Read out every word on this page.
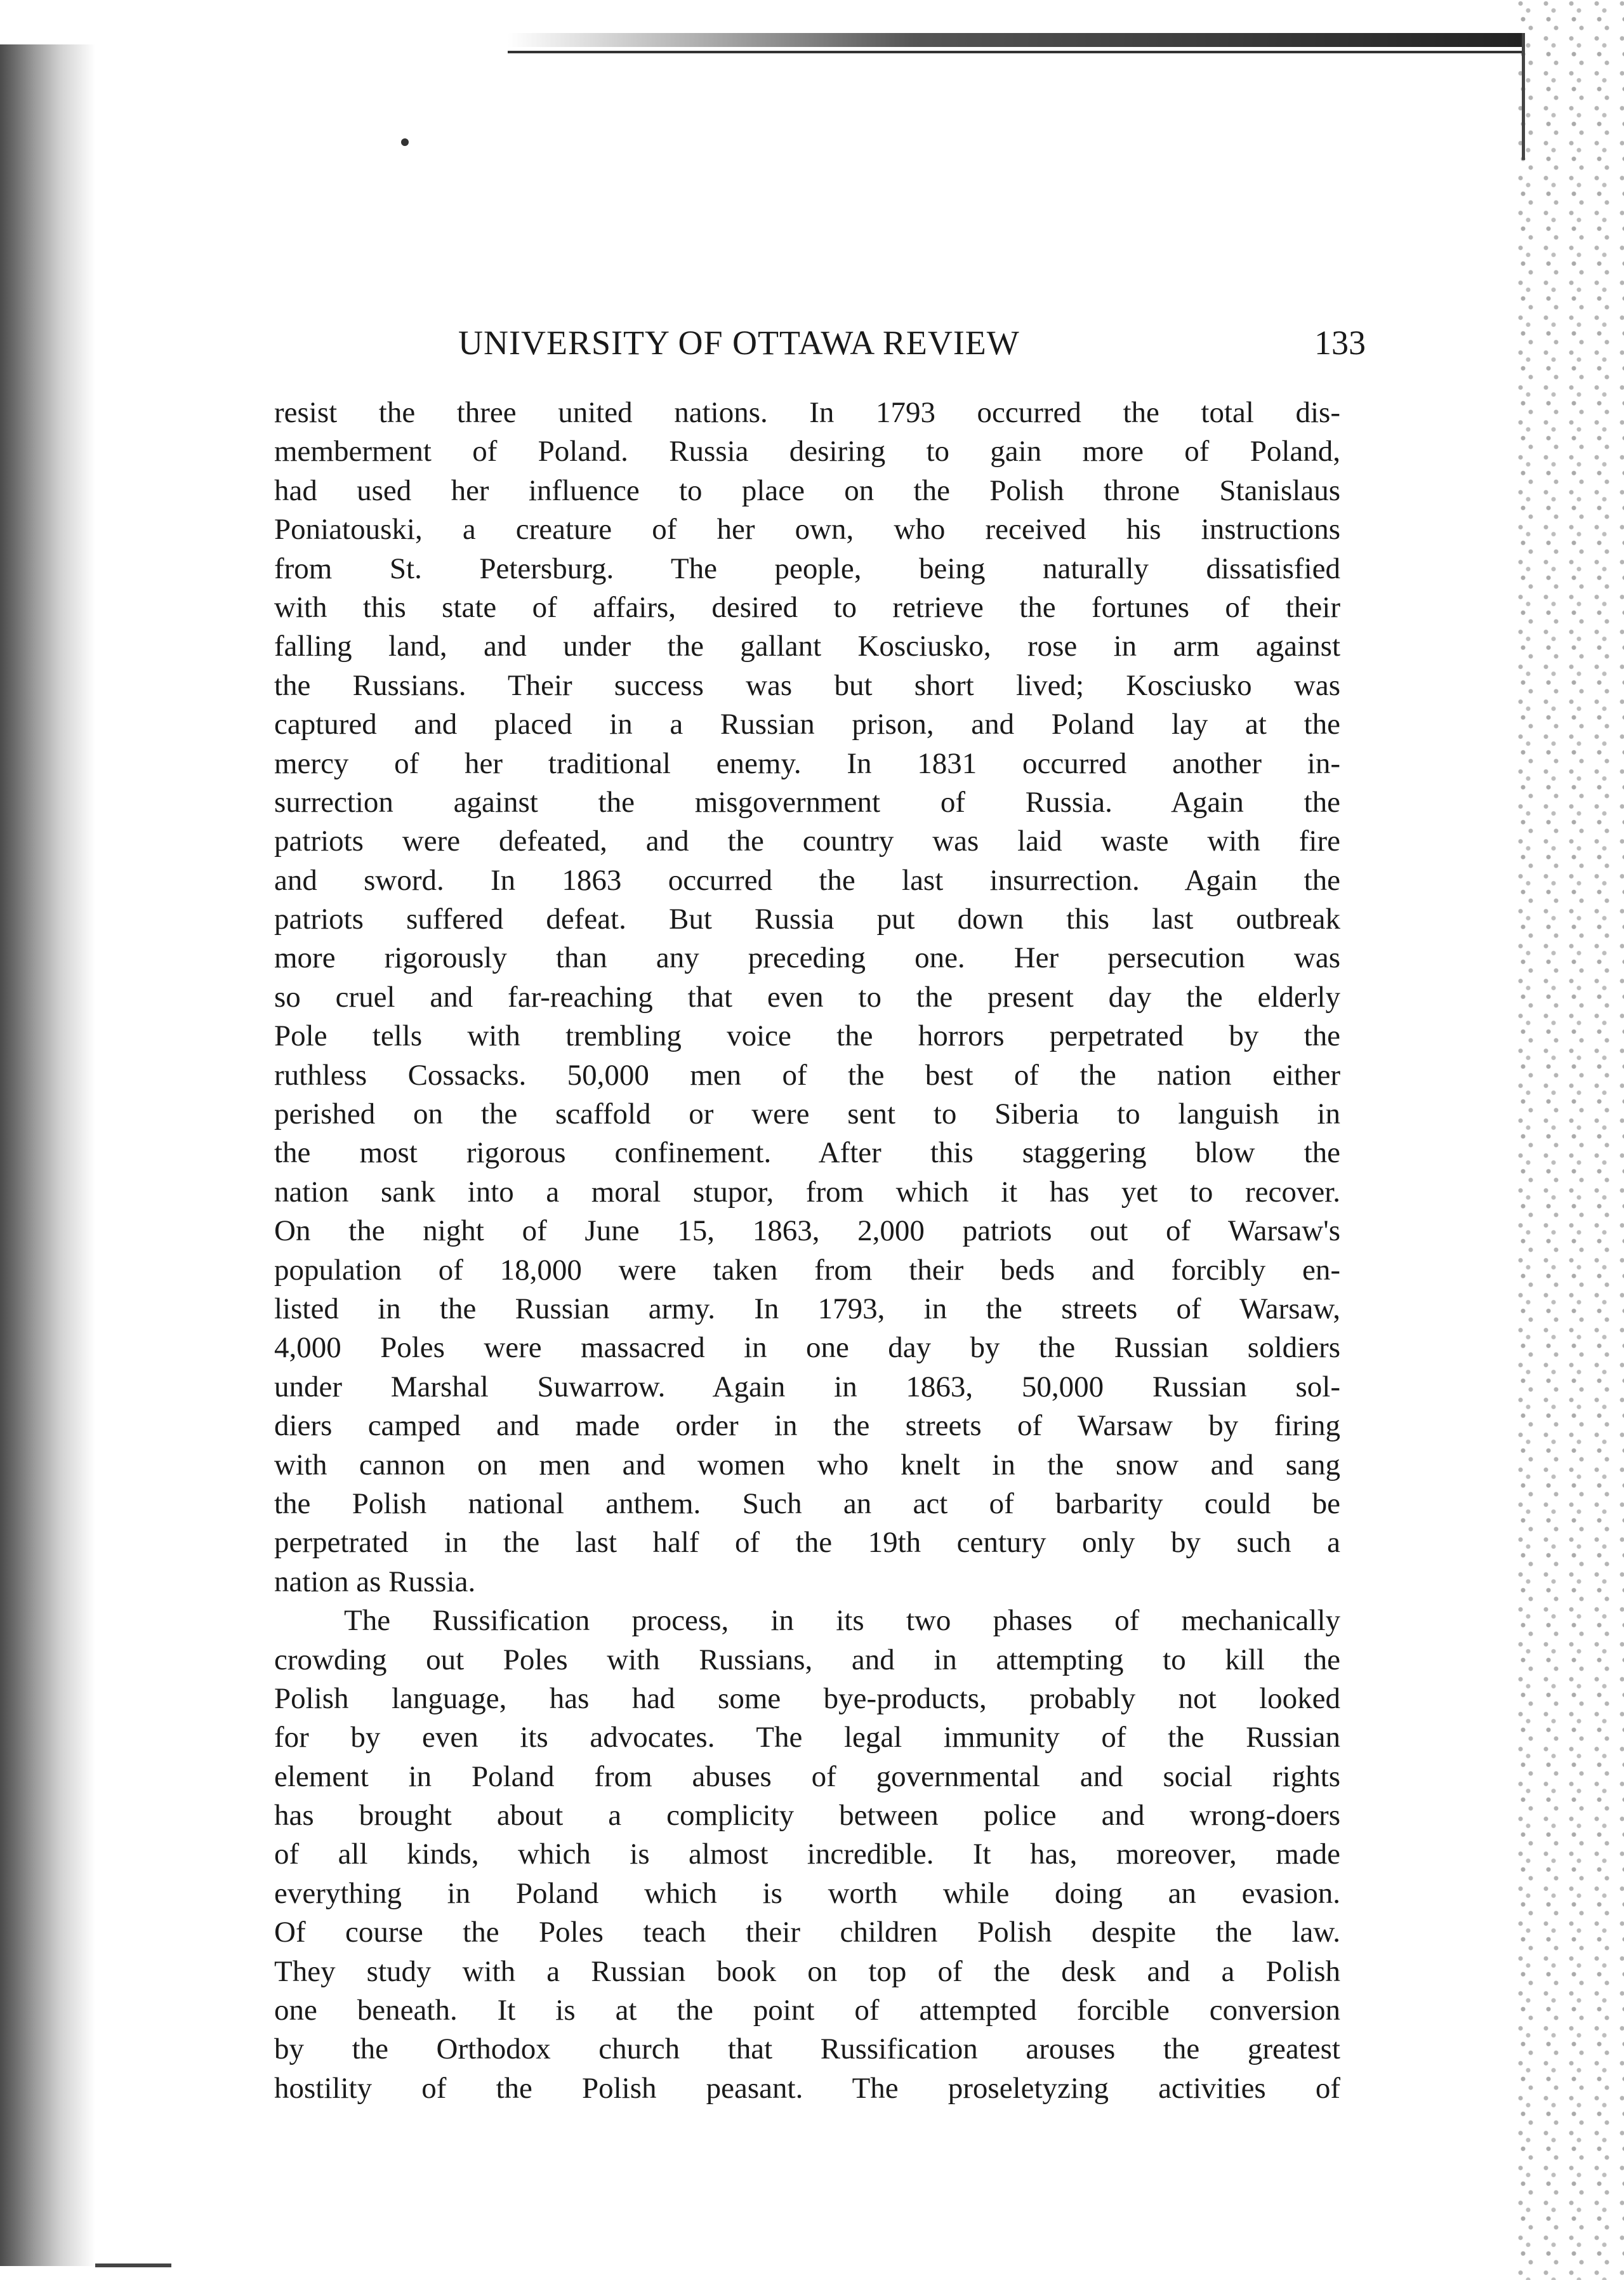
UNIVERSITY OF OTTAWA REVIEW	133
resist the three united nations. In 1793 occurred the total dis-
memberment of Poland. Russia desiring to gain more of Poland,
had used her influence to place on the Polish throne Stanislaus
Poniatouski, a creature of her own, who received his instructions
from St. Petersburg. The people, being naturally dissatisfied
with this state of affairs, desired to retrieve the fortunes of their
falling land, and under the gallant Kosciusko, rose in arm against
the Russians. Their success was but short lived; Kosciusko was
captured and placed in a Russian prison, and Poland lay at the
mercy of her traditional enemy. In 1831 occurred another in-
surrection against the misgovernment of Russia. Again the
patriots were defeated, and the country was laid waste with fire
and sword. In 1863 occurred the last insurrection. Again the
patriots suffered defeat. But Russia put down this last outbreak
more rigorously than any preceding one. Her persecution was
so cruel and far-reaching that even to the present day the elderly
Pole tells with trembling voice the horrors perpetrated by the
ruthless Cossacks. 50,000 men of the best of the nation either
perished on the scaffold or were sent to Siberia to languish in
the most rigorous confinement. After this staggering blow the
nation sank into a moral stupor, from which it has yet to recover.
On the night of June 15, 1863, 2,000 patriots out of Warsaw's
population of 18,000 were taken from their beds and forcibly en-
listed in the Russian army. In 1793, in the streets of Warsaw,
4,000 Poles were massacred in one day by the Russian soldiers
under Marshal Suwarrow. Again in 1863, 50,000 Russian sol-
diers camped and made order in the streets of Warsaw by firing
with cannon on men and women who knelt in the snow and sang
the Polish national anthem. Such an act of barbarity could be
perpetrated in the last half of the 19th century only by such a
nation as Russia.
The Russification process, in its two phases of mechanically
crowding out Poles with Russians, and in attempting to kill the
Polish language, has had some bye-products, probably not looked
for by even its advocates. The legal immunity of the Russian
element in Poland from abuses of governmental and social rights
has brought about a complicity between police and wrong-doers
of all kinds, which is almost incredible. It has, moreover, made
everything in Poland which is worth while doing an evasion.
Of course the Poles teach their children Polish despite the law.
They study with a Russian book on top of the desk and a Polish
one beneath. It is at the point of attempted forcible conversion
by the Orthodox church that Russification arouses the greatest
hostility of the Polish peasant. The proseletyzing activities of
